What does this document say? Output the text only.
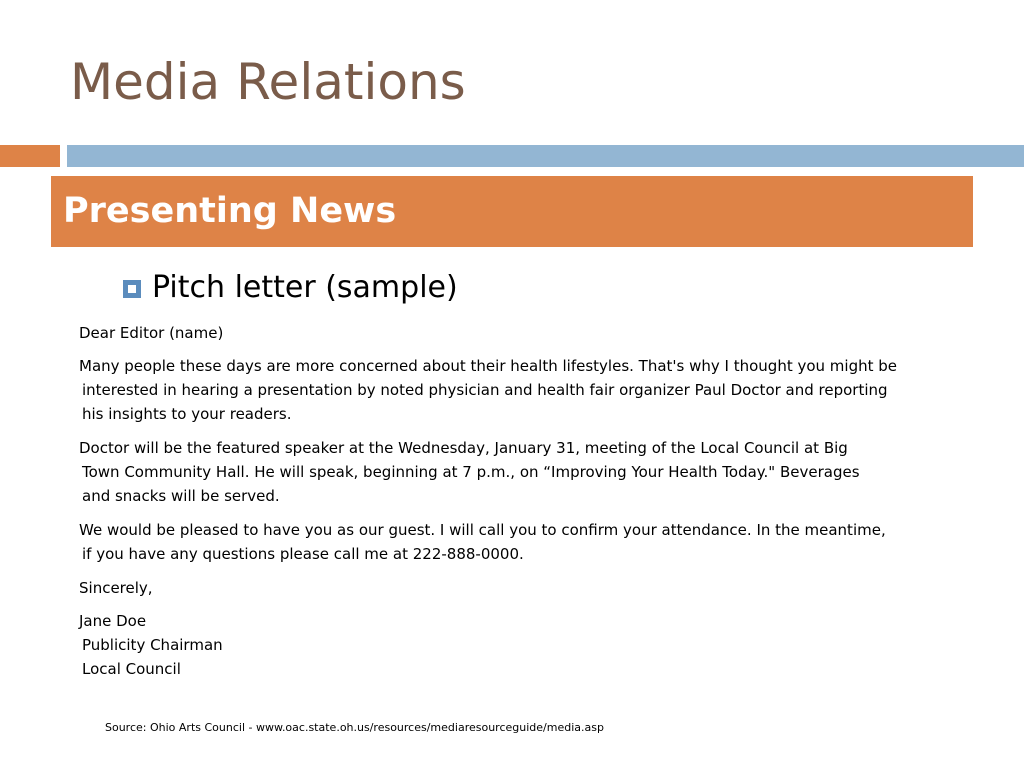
Media Relations
Presenting News
Pitch letter (sample)

Dear Editor (name)

Many people these days are more concerned about their health lifestyles. That's why I thought you might be
interested in hearing a presentation by noted physician and health fair organizer Paul Doctor and reporting
his insights to your readers.

Doctor will be the featured speaker at the Wednesday, January 31, meeting of the Local Council at Big
Town Community Hall. He will speak, beginning at 7 p.m., on “Improving Your Health Today." Beverages
and snacks will be served.

We would be pleased to have you as our guest. I will call you to confirm your attendance. In the meantime,
if you have any questions please call me at 222-888-0000.

Sincerely,

Jane Doe
Publicity Chairman
Local Council

Source: Ohio Arts Council - www.oac.state.oh.us/resources/mediaresourceguide/media.asp
